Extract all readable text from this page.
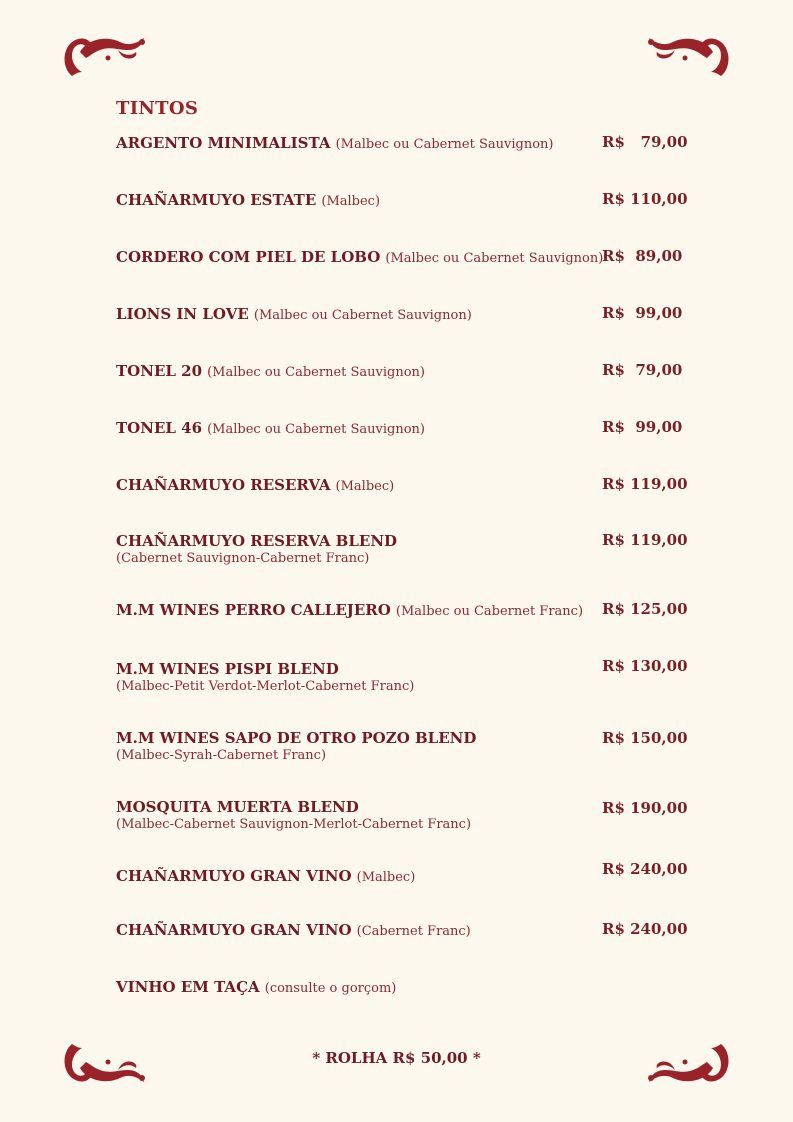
TINTOS
ARGENTO MINIMALISTA (Malbec ou Cabernet Sauvignon)	R$   79,00
CHAÑARMUYO ESTATE (Malbec)	R$ 110,00
CORDERO COM PIEL DE LOBO (Malbec ou Cabernet Sauvignon)
R$  89,00
LIONS IN LOVE (Malbec ou Cabernet Sauvignon)	R$  99,00
TONEL 20 (Malbec ou Cabernet Sauvignon)	R$  79,00
TONEL 46 (Malbec ou Cabernet Sauvignon)	R$  99,00
CHAÑARMUYO RESERVA (Malbec)	R$ 119,00
CHAÑARMUYO RESERVA BLEND
(Cabernet Sauvignon-Cabernet Franc)
R$ 119,00
M.M WINES PERRO CALLEJERO (Malbec ou Cabernet Franc)	R$ 125,00
M.M WINES PISPI BLEND
(Malbec-Petit Verdot-Merlot-Cabernet Franc)
R$ 130,00
M.M WINES SAPO DE OTRO POZO BLEND
(Malbec-Syrah-Cabernet Franc)
R$ 150,00
MOSQUITA MUERTA BLEND
(Malbec-Cabernet Sauvignon-Merlot-Cabernet Franc)
R$ 190,00
CHAÑARMUYO GRAN VINO (Malbec)	R$ 240,00
CHAÑARMUYO GRAN VINO (Cabernet Franc)	R$ 240,00
VINHO EM TAÇA (consulte o gorçom)
* ROLHA R$ 50,00 *
